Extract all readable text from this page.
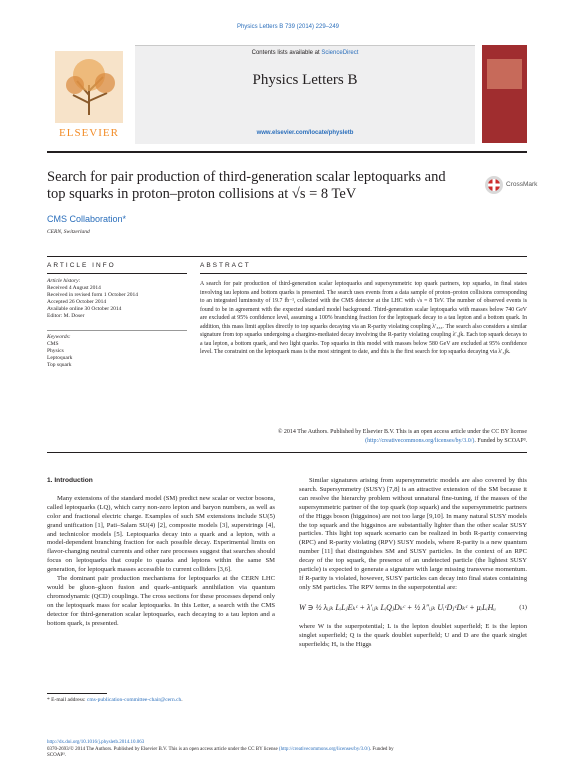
Physics Letters B 739 (2014) 229–249
ELSEVIER
Contents lists available at ScienceDirect
Physics Letters B
www.elsevier.com/locate/physletb
Search for pair production of third-generation scalar leptoquarks and
top squarks in proton–proton collisions at √s = 8 TeV
CrossMark
CMS Collaboration*
CERN, Switzerland
ARTICLE INFO	ABSTRACT
Article history:
Received 4 August 2014
Received in revised form 1 October 2014
Accepted 26 October 2014
Available online 30 October 2014
Editor: M. Doser
Keywords:
CMS
Physics
Leptoquark
Top squark
A search for pair production of third-generation scalar leptoquarks and supersymmetric top quark partners, top squarks, in final states involving tau leptons and bottom quarks is presented. The search uses events from a data sample of proton–proton collisions corresponding to an integrated luminosity of 19.7 fb⁻¹, collected with the CMS detector at the LHC with √s = 8 TeV. The number of observed events is found to be in agreement with the expected standard model background. Third-generation scalar leptoquarks with masses below 740 GeV are excluded at 95% confidence level, assuming a 100% branching fraction for the leptoquark decay to a tau lepton and a bottom quark. In addition, this mass limit applies directly to top squarks decaying via an R-parity violating coupling λ′₃₃₃. The search also considers a similar signature from top squarks undergoing a chargino-mediated decay involving the R-parity violating coupling λ′₃jk. Each top squark decays to a tau lepton, a bottom quark, and two light quarks. Top squarks in this model with masses below 580 GeV are excluded at 95% confidence level. The constraint on the leptoquark mass is the most stringent to date, and this is the first search for top squarks decaying via λ′₃jk.
© 2014 The Authors. Published by Elsevier B.V. This is an open access article under the CC BY license
(http://creativecommons.org/licenses/by/3.0/). Funded by SCOAP³.
1. Introduction

Many extensions of the standard model (SM) predict new scalar or vector bosons, called leptoquarks (LQ), which carry non-zero lepton and baryon numbers, as well as color and fractional electric charge. Examples of such SM extensions include SU(5) grand unification [1], Pati–Salam SU(4) [2], composite models [3], superstrings [4], and technicolor models [5]. Leptoquarks decay into a quark and a lepton, with a model-dependent branching fraction for each possible decay. Experimental limits on flavor-changing neutral currents and other rare processes suggest that searches should focus on leptoquarks that couple to quarks and leptons within the same SM generation, for leptoquark masses accessible to current colliders [3,6].

The dominant pair production mechanisms for leptoquarks at the CERN LHC would be gluon–gluon fusion and quark–antiquark annihilation via quantum chromodynamic (QCD) couplings. The cross sections for these processes depend only on the leptoquark mass for scalar leptoquarks. In this Letter, a search with the CMS detector for third-generation scalar leptoquarks, each decaying to a tau lepton and a bottom quark, is presented.

* E-mail address: cms-publication-committee-chair@cern.ch.

Similar signatures arising from supersymmetric models are also covered by this search. Supersymmetry (SUSY) [7,8] is an attractive extension of the SM because it can resolve the hierarchy problem without unnatural fine-tuning, if the masses of the supersymmetric partner of the top quark (top squark) and the supersymmetric partners of the Higgs boson (higgsinos) are not too large [9,10]. In many natural SUSY models the top squark and the higgsinos are substantially lighter than the other scalar SUSY particles. This light top squark scenario can be realized in both R-parity conserving (RPC) and R-parity violating (RPV) SUSY models, where R-parity is a new quantum number [11] that distinguishes SM and SUSY particles. In the context of an RPC decay of the top squark, the presence of an undetected particle (the lightest SUSY particle) is expected to generate a signature with large missing transverse momentum. If R-parity is violated, however, SUSY particles can decay into final states containing only SM particles. The RPV terms in the superpotential are:

W ∋ ½ λᵢⱼₖ LᵢLⱼEₖᶜ + λ′ᵢⱼₖ LᵢQⱼDₖᶜ + ½ λ″ᵢⱼₖ UᵢᶜDⱼᶜDₖᶜ + μᵢLᵢHᵤ	(1)

where W is the superpotential; L is the lepton doublet superfield; E is the lepton singlet superfield; Q is the quark doublet superfield; U and D are the quark singlet superfields; Hᵤ is the Higgs

http://dx.doi.org/10.1016/j.physletb.2014.10.063
0370-2693/© 2014 The Authors. Published by Elsevier B.V. This is an open access article under the CC BY license (http://creativecommons.org/licenses/by/3.0/). Funded by
SCOAP³.
